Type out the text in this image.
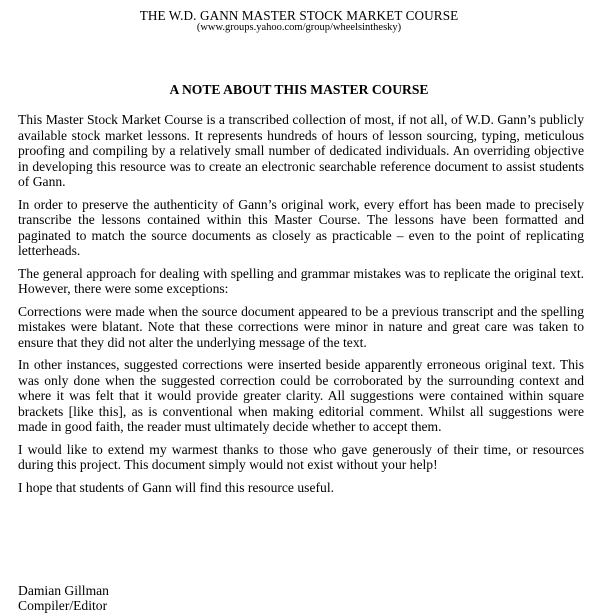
THE W.D. GANN MASTER STOCK MARKET COURSE
(www.groups.yahoo.com/group/wheelsinthesky)
A NOTE ABOUT THIS MASTER COURSE

This Master Stock Market Course is a transcribed collection of most, if not all, of W.D. Gann’s publicly available stock market lessons. It represents hundreds of hours of lesson sourcing, typing, meticulous proofing and compiling by a relatively small number of dedicated individuals. An overriding objective in developing this resource was to create an electronic searchable reference document to assist students of Gann.

In order to preserve the authenticity of Gann’s original work, every effort has been made to precisely transcribe the lessons contained within this Master Course. The lessons have been formatted and paginated to match the source documents as closely as practicable – even to the point of replicating letterheads.

The general approach for dealing with spelling and grammar mistakes was to replicate the original text. However, there were some exceptions:

Corrections were made when the source document appeared to be a previous transcript and the spelling mistakes were blatant. Note that these corrections were minor in nature and great care was taken to ensure that they did not alter the underlying message of the text.

In other instances, suggested corrections were inserted beside apparently erroneous original text. This was only done when the suggested correction could be corroborated by the surrounding context and where it was felt that it would provide greater clarity. All suggestions were contained within square brackets [like this], as is conventional when making editorial comment. Whilst all suggestions were made in good faith, the reader must ultimately decide whether to accept them.

I would like to extend my warmest thanks to those who gave generously of their time, or resources during this project. This document simply would not exist without your help!

I hope that students of Gann will find this resource useful.

Damian Gillman
Compiler/Editor
